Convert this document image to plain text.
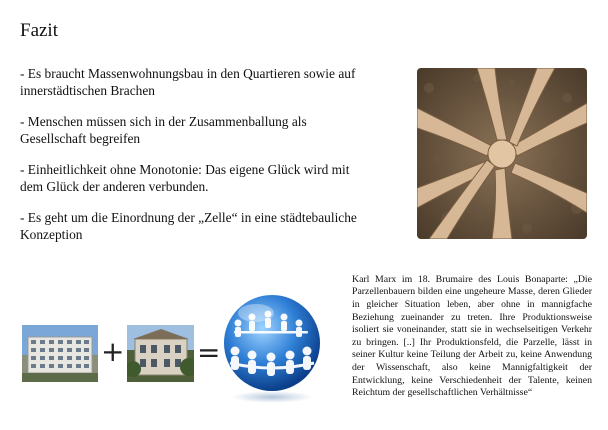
Fazit

- Es braucht Massenwohnungsbau in den Quartieren sowie auf innerstädtischen Brachen

- Menschen müssen sich in der Zusammenballung als Gesellschaft begreifen

- Einheitlichkeit ohne Monotonie: Das eigene Glück wird mit dem Glück der anderen verbunden.

- Es geht um die Einordnung der „Zelle“ in eine städtebauliche Konzeption

Karl Marx im 18. Brumaire des Louis Bonaparte: „Die Parzellenbauern bilden eine ungeheure Masse, deren Glieder in gleicher Situation leben, aber ohne in mannigfache Beziehung zueinander zu treten. Ihre Produktionsweise isoliert sie voneinander, statt sie in wechselseitigen Verkehr zu bringen. [..] Ihr Produktionsfeld, die Parzelle, lässt in seiner Kultur keine Teilung der Arbeit zu, keine Anwendung der Wissenschaft, also keine Mannigfaltigkeit der Entwicklung, keine Verschiedenheit der Talente, keinen Reichtum der gesellschaftlichen Verhältnisse“

+	=
